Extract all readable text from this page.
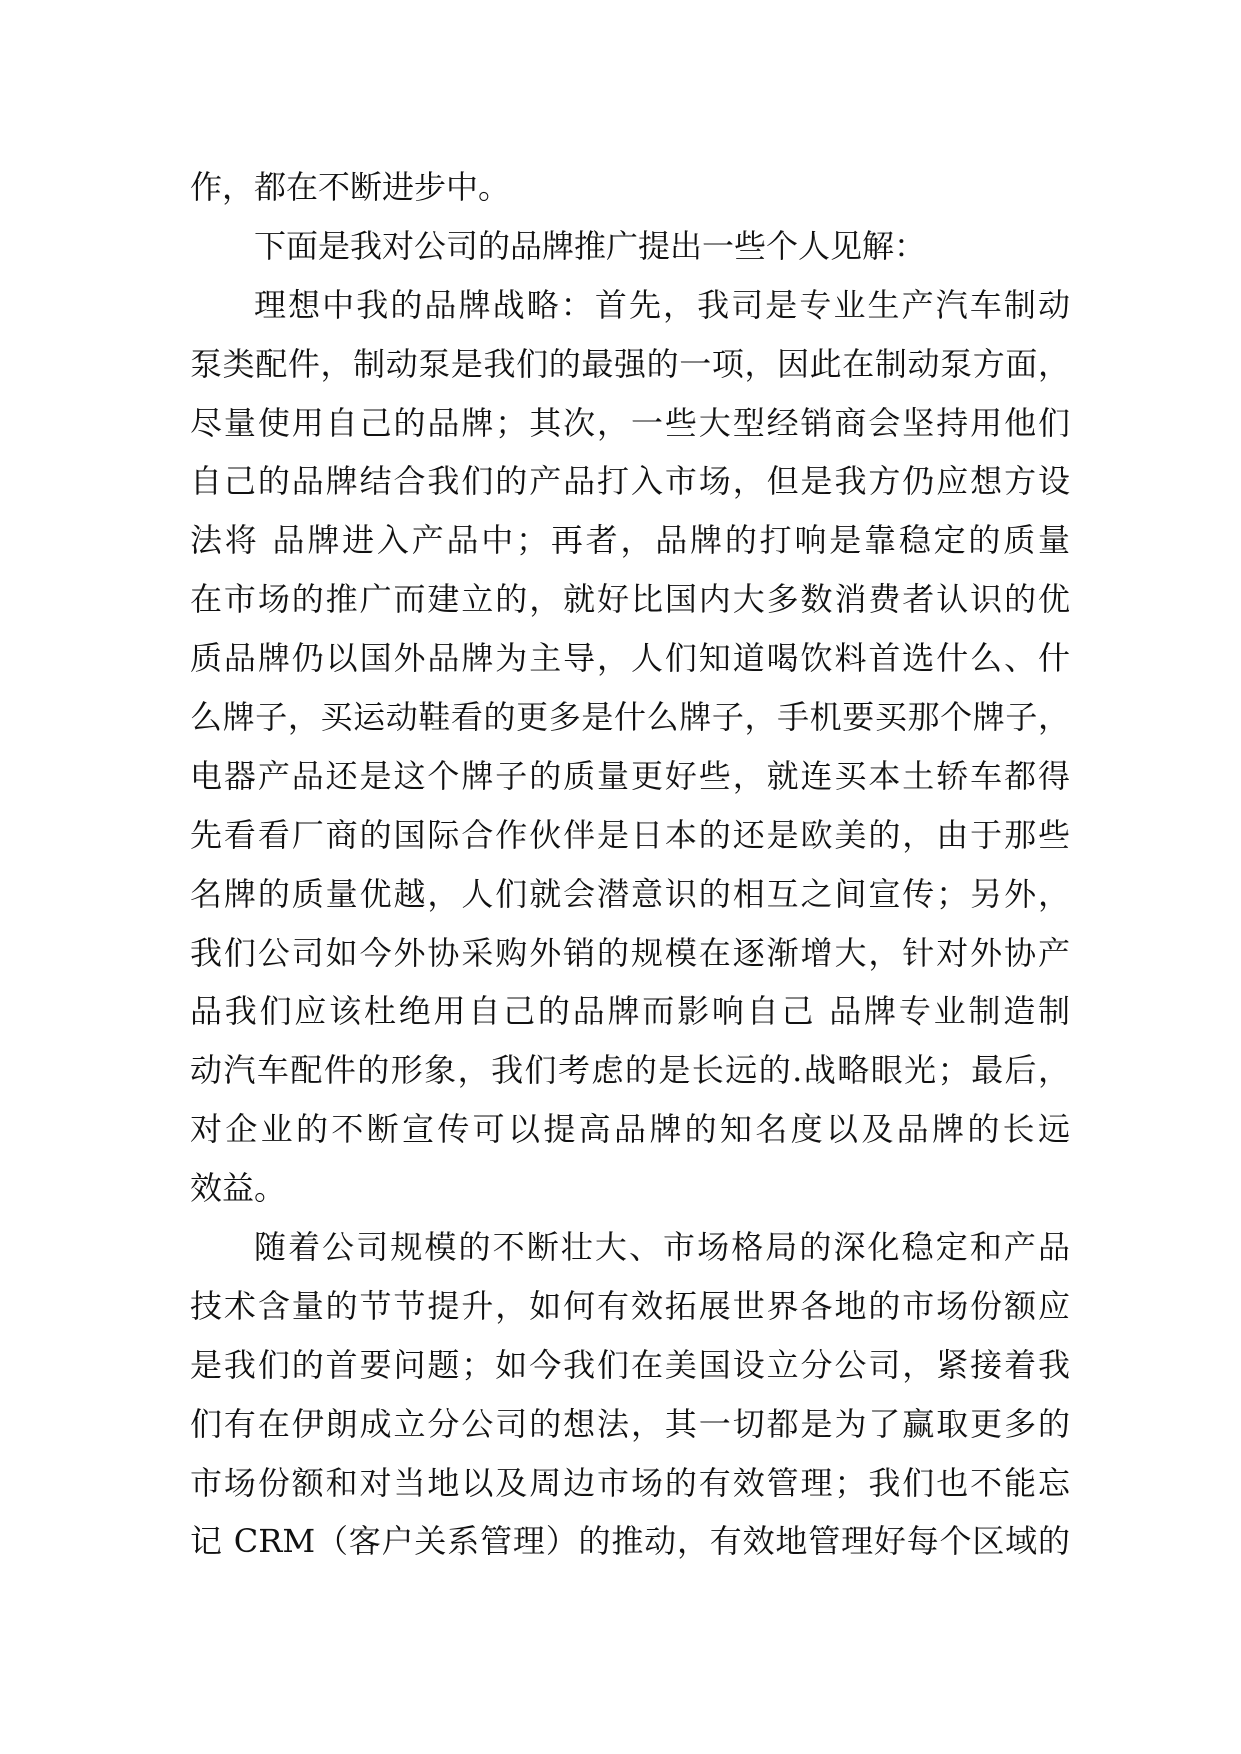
作，都在不断进步中。

下面是我对公司的品牌推广提出一些个人见解：

理想中我的品牌战略：首先，我司是专业生产汽车制动
泵类配件，制动泵是我们的最强的一项，因此在制动泵方面，
尽量使用自己的品牌；其次，一些大型经销商会坚持用他们
自己的品牌结合我们的产品打入市场，但是我方仍应想方设
法将 品牌进入产品中；再者，品牌的打响是靠稳定的质量
在市场的推广而建立的，就好比国内大多数消费者认识的优
质品牌仍以国外品牌为主导，人们知道喝饮料首选什么、什
么牌子，买运动鞋看的更多是什么牌子，手机要买那个牌子，
电器产品还是这个牌子的质量更好些，就连买本土轿车都得
先看看厂商的国际合作伙伴是日本的还是欧美的，由于那些
名牌的质量优越，人们就会潜意识的相互之间宣传；另外，
我们公司如今外协采购外销的规模在逐渐增大，针对外协产
品我们应该杜绝用自己的品牌而影响自己 品牌专业制造制
动汽车配件的形象，我们考虑的是长远的.战略眼光；最后，
对企业的不断宣传可以提高品牌的知名度以及品牌的长远
效益。

随着公司规模的不断壮大、市场格局的深化稳定和产品
技术含量的节节提升，如何有效拓展世界各地的市场份额应
是我们的首要问题；如今我们在美国设立分公司，紧接着我
们有在伊朗成立分公司的想法，其一切都是为了赢取更多的
市场份额和对当地以及周边市场的有效管理；我们也不能忘
记 CRM（客户关系管理）的推动，有效地管理好每个区域的
